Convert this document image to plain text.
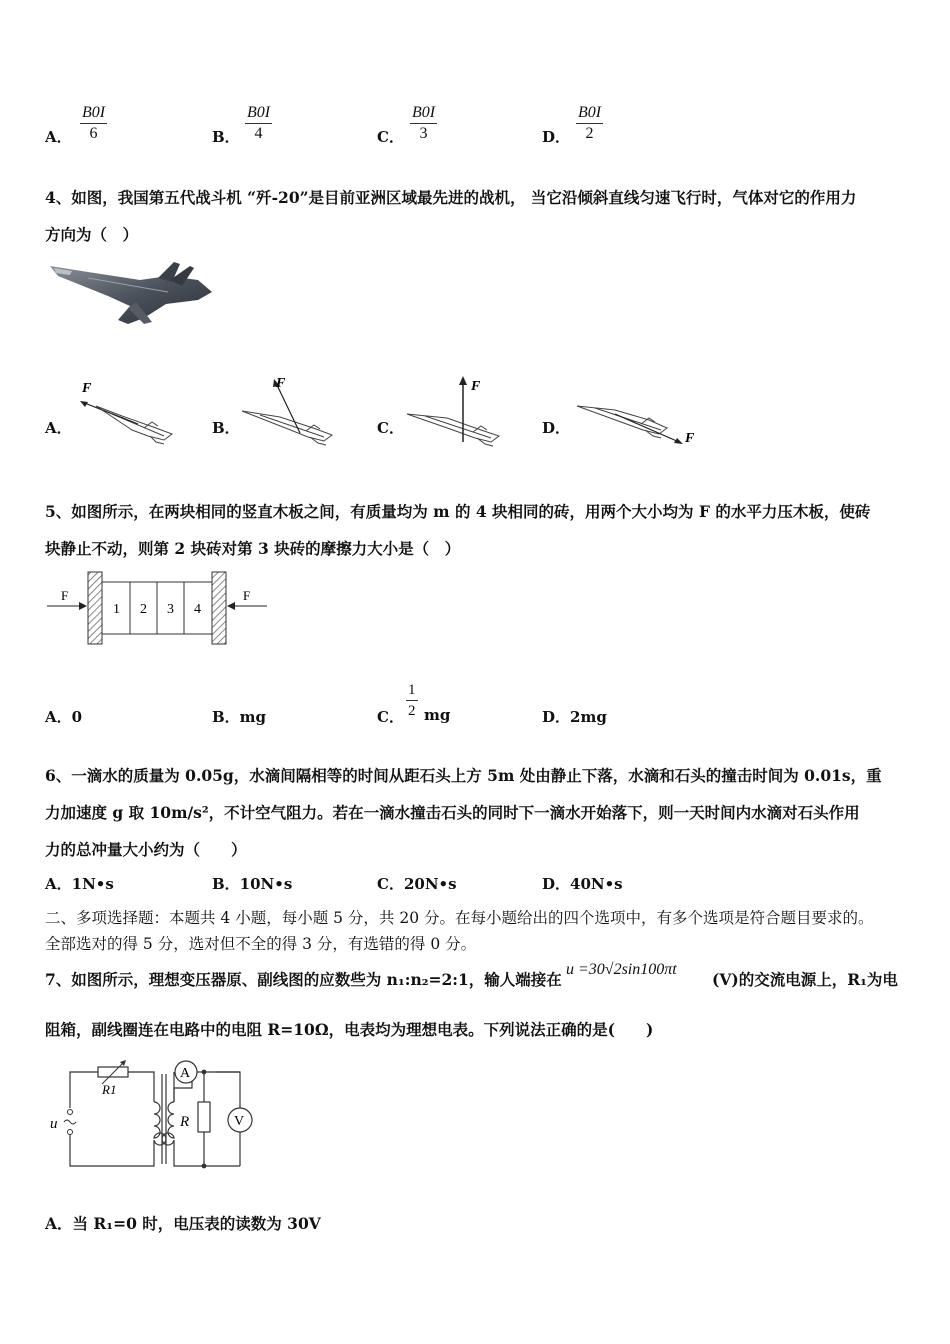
A． $\frac{B0I}{6}$	B． $\frac{B0I}{4}$	C． $\frac{B0I}{3}$	D． $\frac{B0I}{2}$
4、如图，我国第五代战斗机 “歼-20”是目前亚洲区域最先进的战机， 当它沿倾斜直线匀速飞行时，气体对它的作用力
方向为（　）
A．	B．	C．	D．
F	F	F
F
5、如图所示，在两块相同的竖直木板之间，有质量均为 m 的 4 块相同的砖，用两个大小均为 F 的水平力压木板，使砖
块静止不动，则第 2 块砖对第 3 块砖的摩擦力大小是（　）
F
1 2 3 4
F
A．0	B．mg	C． $\frac{1}{2}$ mg	D．2mg
6、一滴水的质量为 0.05g，水滴间隔相等的时间从距石头上方 5m 处由静止下落，水滴和石头的撞击时间为 0.01s，重
力加速度 g 取 10m/s²，不计空气阻力。若在一滴水撞击石头的同时下一滴水开始落下，则一天时间内水滴对石头作用
力的总冲量大小约为（　　）
A．1N•s	B．10N•s	C．20N•s	D．40N•s
二、多项选择题：本题共 4 小题，每小题 5 分，共 20 分。在每小题给出的四个选项中，有多个选项是符合题目要求的。
全部选对的得 5 分，选对但不全的得 3 分，有选错的得 0 分。
7、如图所示，理想变压器原、副线图的应数些为 n₁:n₂=2:1，输人端接在
u =30√2sin100πt
(V)的交流电源上，R₁为电
阻箱，副线圈连在电路中的电阻 R=10Ω，电表均为理想电表。下列说法正确的是(　　)
u
R1
A
R	V
A．当 R₁=0 时，电压表的读数为 30V
